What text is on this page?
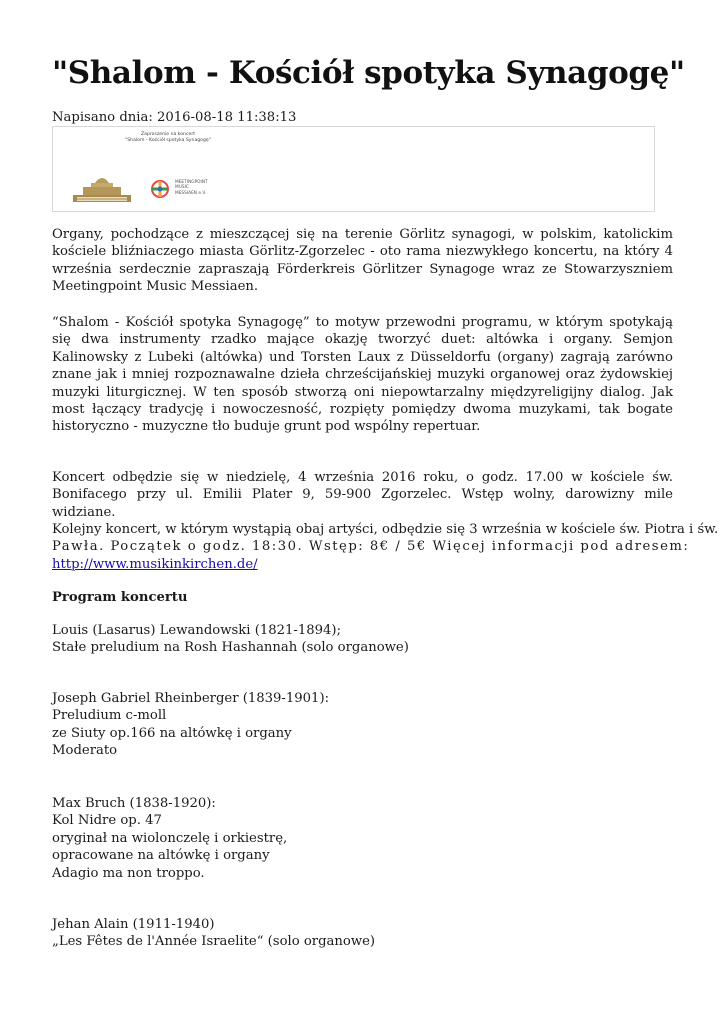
"Shalom - Kościół spotyka Synagogę"
Napisano dnia: 2016-08-18 11:38:13
Zaproszenie na koncert
"Shalom - Kościół spotyka Synagogę"
MEETINGPOINT
MUSIC
MESSIAEN e.V.
Organy, pochodzące z mieszczącej się na terenie Görlitz synagogi, w polskim, katolickim kościele bliźniaczego miasta Görlitz-Zgorzelec - oto rama niezwykłego koncertu, na który 4 września serdecznie zapraszają Förderkreis Görlitzer Synagoge wraz ze Stowarzyszniem Meetingpoint Music Messiaen.
“Shalom - Kościół spotyka Synagogę” to motyw przewodni programu, w którym spotykają się dwa instrumenty rzadko mające okazję tworzyć duet: altówka i organy. Semjon Kalinowsky z Lubeki (altówka) und Torsten Laux z Düsseldorfu (organy) zagrają zarówno znane jak i mniej rozpoznawalne dzieła chrześcijańskiej muzyki organowej oraz żydowskiej muzyki liturgicznej. W ten sposób stworzą oni niepowtarzalny międzyreligijny dialog. Jak most łączący tradycję i nowoczesność, rozpięty pomiędzy dwoma muzykami, tak bogate historyczno - muzyczne tło buduje grunt pod wspólny repertuar.
Koncert odbędzie się w niedzielę, 4 września 2016 roku, o godz. 17.00 w kościele św. Bonifacego przy ul. Emilii Plater 9, 59-900 Zgorzelec. Wstęp wolny, darowizny mile widziane.
Kolejny koncert, w którym wystąpią obaj artyści, odbędzie się 3 września w kościele św. Piotra i św.
Pawła. Początek o godz. 18:30. Wstęp: 8€ / 5€ Więcej informacji pod adresem:
http://www.musikinkirchen.de/
Program koncertu
Louis (Lasarus) Lewandowski (1821-1894);
Stałe preludium na Rosh Hashannah (solo organowe)
Joseph Gabriel Rheinberger (1839-1901):
Preludium c-moll
ze Siuty op.166 na altówkę i organy
Moderato
Max Bruch (1838-1920):
Kol Nidre op. 47
oryginał na wiolonczelę i orkiestrę,
opracowane na altówkę i organy
Adagio ma non troppo.
Jehan Alain (1911-1940)
„Les Fêtes de l'Année Israelite“ (solo organowe)
